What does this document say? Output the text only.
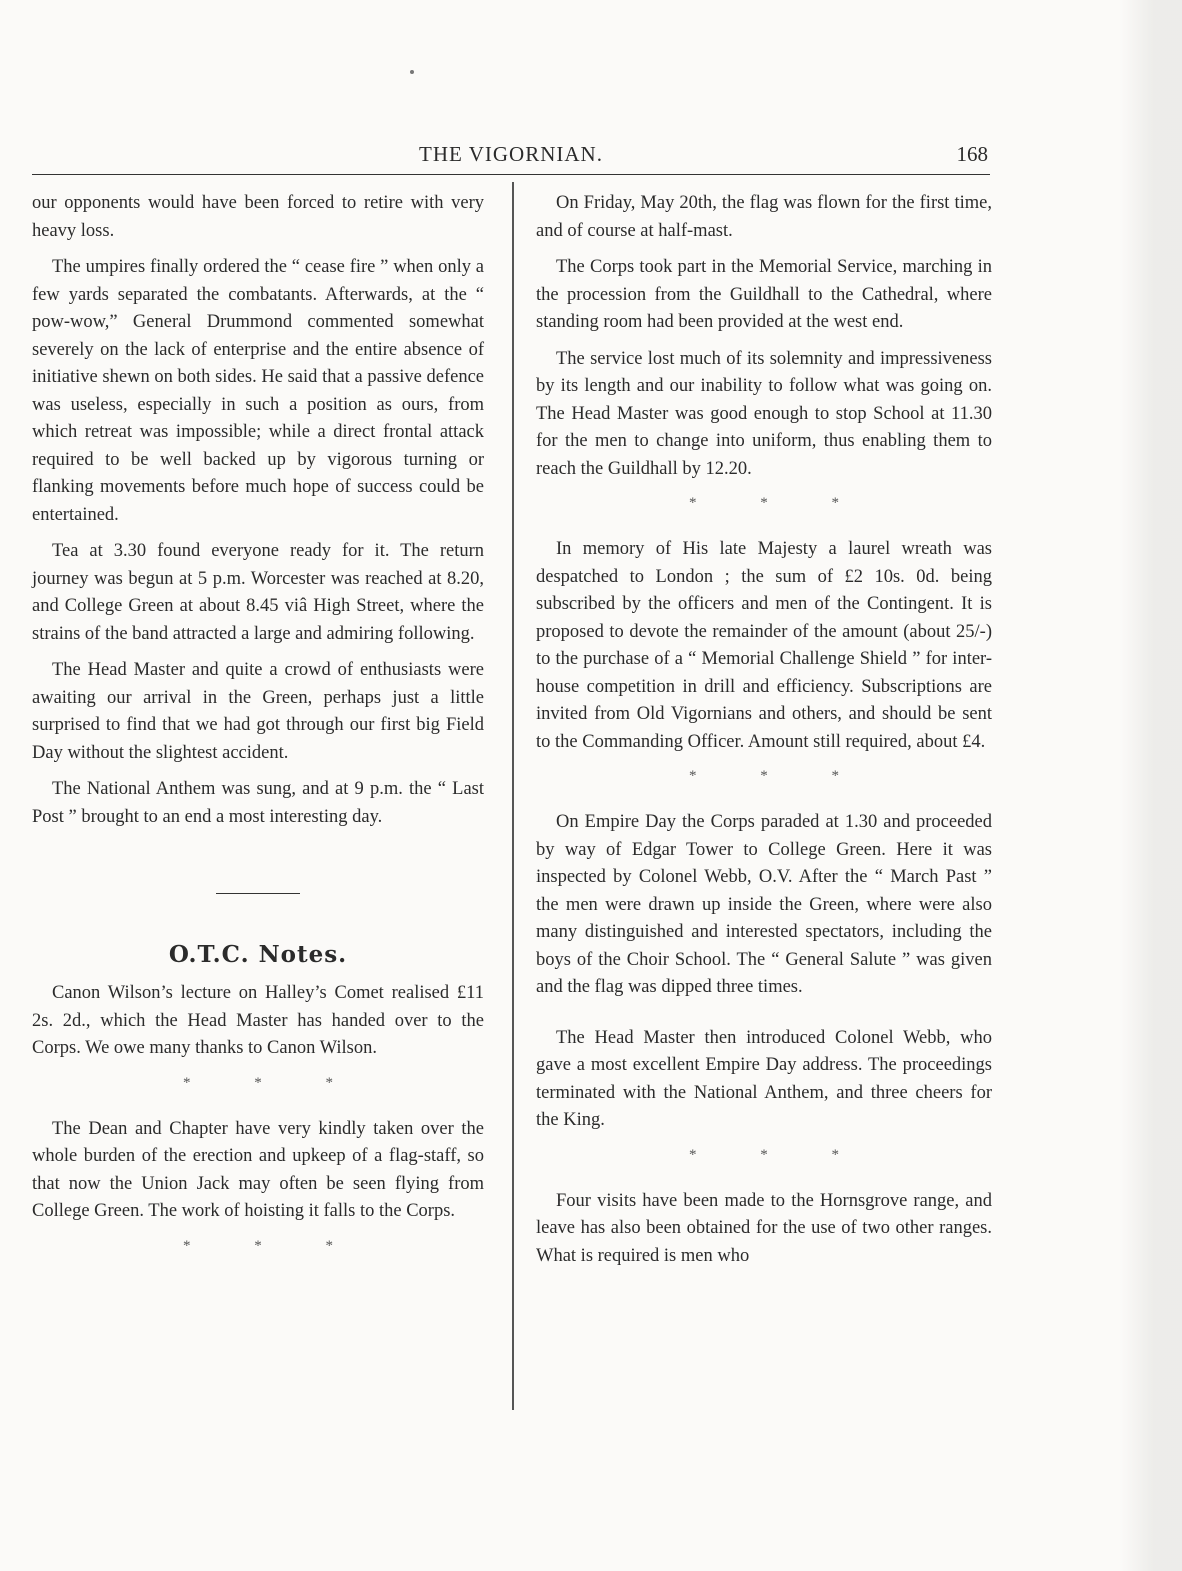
THE VIGORNIAN.	168

our opponents would have been forced to retire with very heavy loss.

The umpires finally ordered the “ cease fire ” when only a few yards separated the combatants. Afterwards, at the “ pow-wow,” General Drummond commented somewhat severely on the lack of enterprise and the entire absence of initiative shewn on both sides. He said that a passive defence was useless, especially in such a position as ours, from which retreat was impossible; while a direct frontal attack required to be well backed up by vigorous turning or flanking movements before much hope of success could be entertained.

Tea at 3.30 found everyone ready for it. The return journey was begun at 5 p.m. Worcester was reached at 8.20, and College Green at about 8.45 viâ High Street, where the strains of the band attracted a large and admiring following.

The Head Master and quite a crowd of enthusiasts were awaiting our arrival in the Green, perhaps just a little surprised to find that we had got through our first big Field Day without the slightest accident.

The National Anthem was sung, and at 9 p.m. the “ Last Post ” brought to an end a most interesting day.

O.T.C. Notes.

Canon Wilson’s lecture on Halley’s Comet realised £11 2s. 2d., which the Head Master has handed over to the Corps. We owe many thanks to Canon Wilson.

* * *

The Dean and Chapter have very kindly taken over the whole burden of the erection and upkeep of a flag-staff, so that now the Union Jack may often be seen flying from College Green. The work of hoisting it falls to the Corps.

* * *

On Friday, May 20th, the flag was flown for the first time, and of course at half-mast.

The Corps took part in the Memorial Service, marching in the procession from the Guildhall to the Cathedral, where standing room had been provided at the west end.

The service lost much of its solemnity and impressiveness by its length and our inability to follow what was going on. The Head Master was good enough to stop School at 11.30 for the men to change into uniform, thus enabling them to reach the Guildhall by 12.20.

* * *

In memory of His late Majesty a laurel wreath was despatched to London ; the sum of £2 10s. 0d. being subscribed by the officers and men of the Contingent. It is proposed to devote the remainder of the amount (about 25/-) to the purchase of a “ Memorial Challenge Shield ” for inter-house competition in drill and efficiency. Subscriptions are invited from Old Vigornians and others, and should be sent to the Commanding Officer. Amount still required, about £4.

* * *

On Empire Day the Corps paraded at 1.30 and proceeded by way of Edgar Tower to College Green. Here it was inspected by Colonel Webb, O.V. After the “ March Past ” the men were drawn up inside the Green, where were also many distinguished and interested spectators, including the boys of the Choir School. The “ General Salute ” was given and the flag was dipped three times.

The Head Master then introduced Colonel Webb, who gave a most excellent Empire Day address. The proceedings terminated with the National Anthem, and three cheers for the King.

* * *

Four visits have been made to the Hornsgrove range, and leave has also been obtained for the use of two other ranges. What is required is men who
